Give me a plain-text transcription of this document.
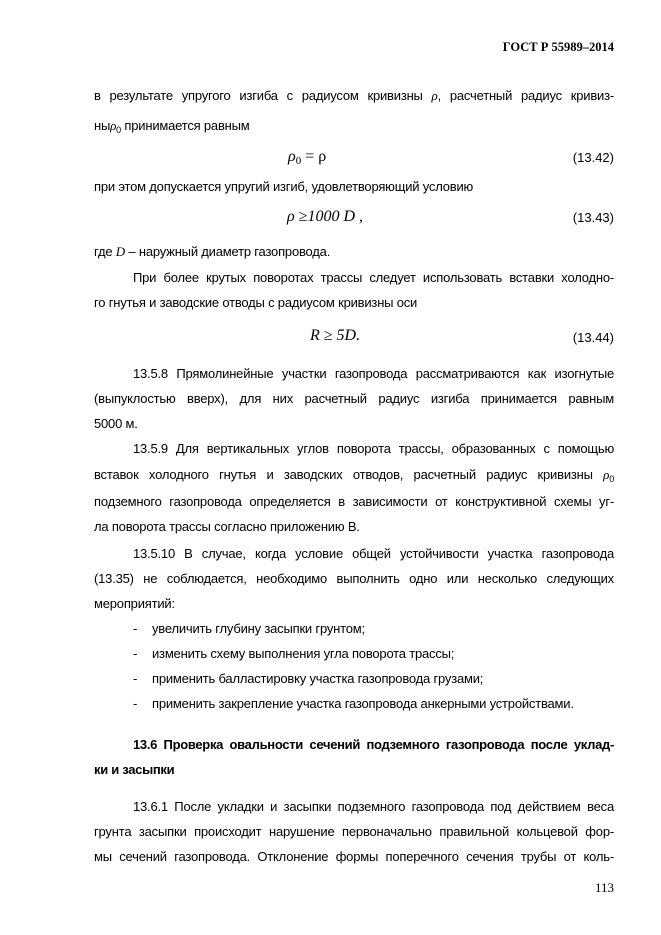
ГОСТ Р 55989–2014
в результате упругого изгиба с радиусом кривизны ρ, расчетный радиус кривиз-
ныρ$_0$ принимается равным
$\rho_0 = \rho$	(13.42)
при этом допускается упругий изгиб, удовлетворяющий условию
ρ ≥1000 D ,	(13.43)
где D – наружный диаметр газопровода.
При более крутых поворотах трассы следует использовать вставки холодно-
го гнутья и заводские отводы с радиусом кривизны оси
R ≥ 5D.	(13.44)
13.5.8 Прямолинейные участки газопровода рассматриваются как изогнутые
(выпуклостью вверх), для них расчетный радиус изгиба принимается равным
5000 м.
13.5.9 Для вертикальных углов поворота трассы, образованных с помощью
вставок холодного гнутья и заводских отводов, расчетный радиус кривизны $\rho_0$
подземного газопровода определяется в зависимости от конструктивной схемы уг-
ла поворота трассы согласно приложению В.
13.5.10 В случае, когда условие общей устойчивости участка газопровода
(13.35) не соблюдается, необходимо выполнить одно или несколько следующих
мероприятий:
- увеличить глубину засыпки грунтом;
- изменить схему выполнения угла поворота трассы;
- применить балластировку участка газопровода грузами;
- применить закрепление участка газопровода анкерными устройствами.
13.6 Проверка овальности сечений подземного газопровода после уклад-
ки и засыпки
13.6.1 После укладки и засыпки подземного газопровода под действием веса
грунта засыпки происходит нарушение первоначально правильной кольцевой фор-
мы сечений газопровода. Отклонение формы поперечного сечения трубы от коль-
113
